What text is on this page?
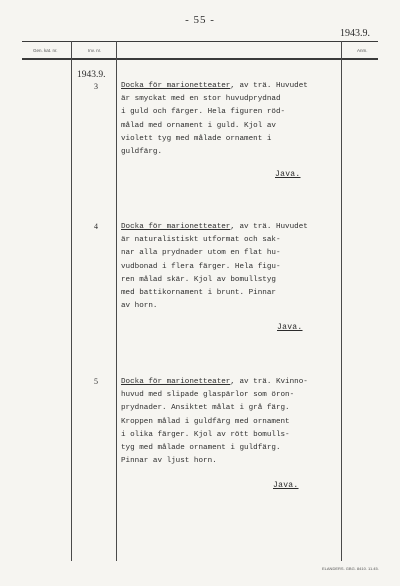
- 55 -
1943.9.
Gen. kat. nr.	Inv. nr.	Anm.
1943.9.
3	Docka för marionetteater, av trä. Huvudet
är smyckat med en stor huvudprydnad
i guld och färger. Hela figuren röd-
målad med ornament i guld. Kjol av
violett tyg med målade ornament i
guldfärg.
Java.
4	Docka för marionetteater, av trä. Huvudet
är naturalistiskt utformat och sak-
nar alla prydnader utom en flat hu-
vudbonad i flera färger. Hela figu-
ren målad skär. Kjol av bomullstyg
med battikornament i brunt. Pinnar
av horn.
Java.
5	Docka för marionetteater, av trä. Kvinno-
huvud med slipade glaspärlor som öron-
prydnader. Ansiktet målat i grå färg.
Kroppen målad i guldfärg med ornament
i olika färger. Kjol av rött bomulls-
tyg med målade ornament i guldfärg.
Pinnar av ljust horn.
Java.
ELANDERS. GBG. 8410. 11.45.
